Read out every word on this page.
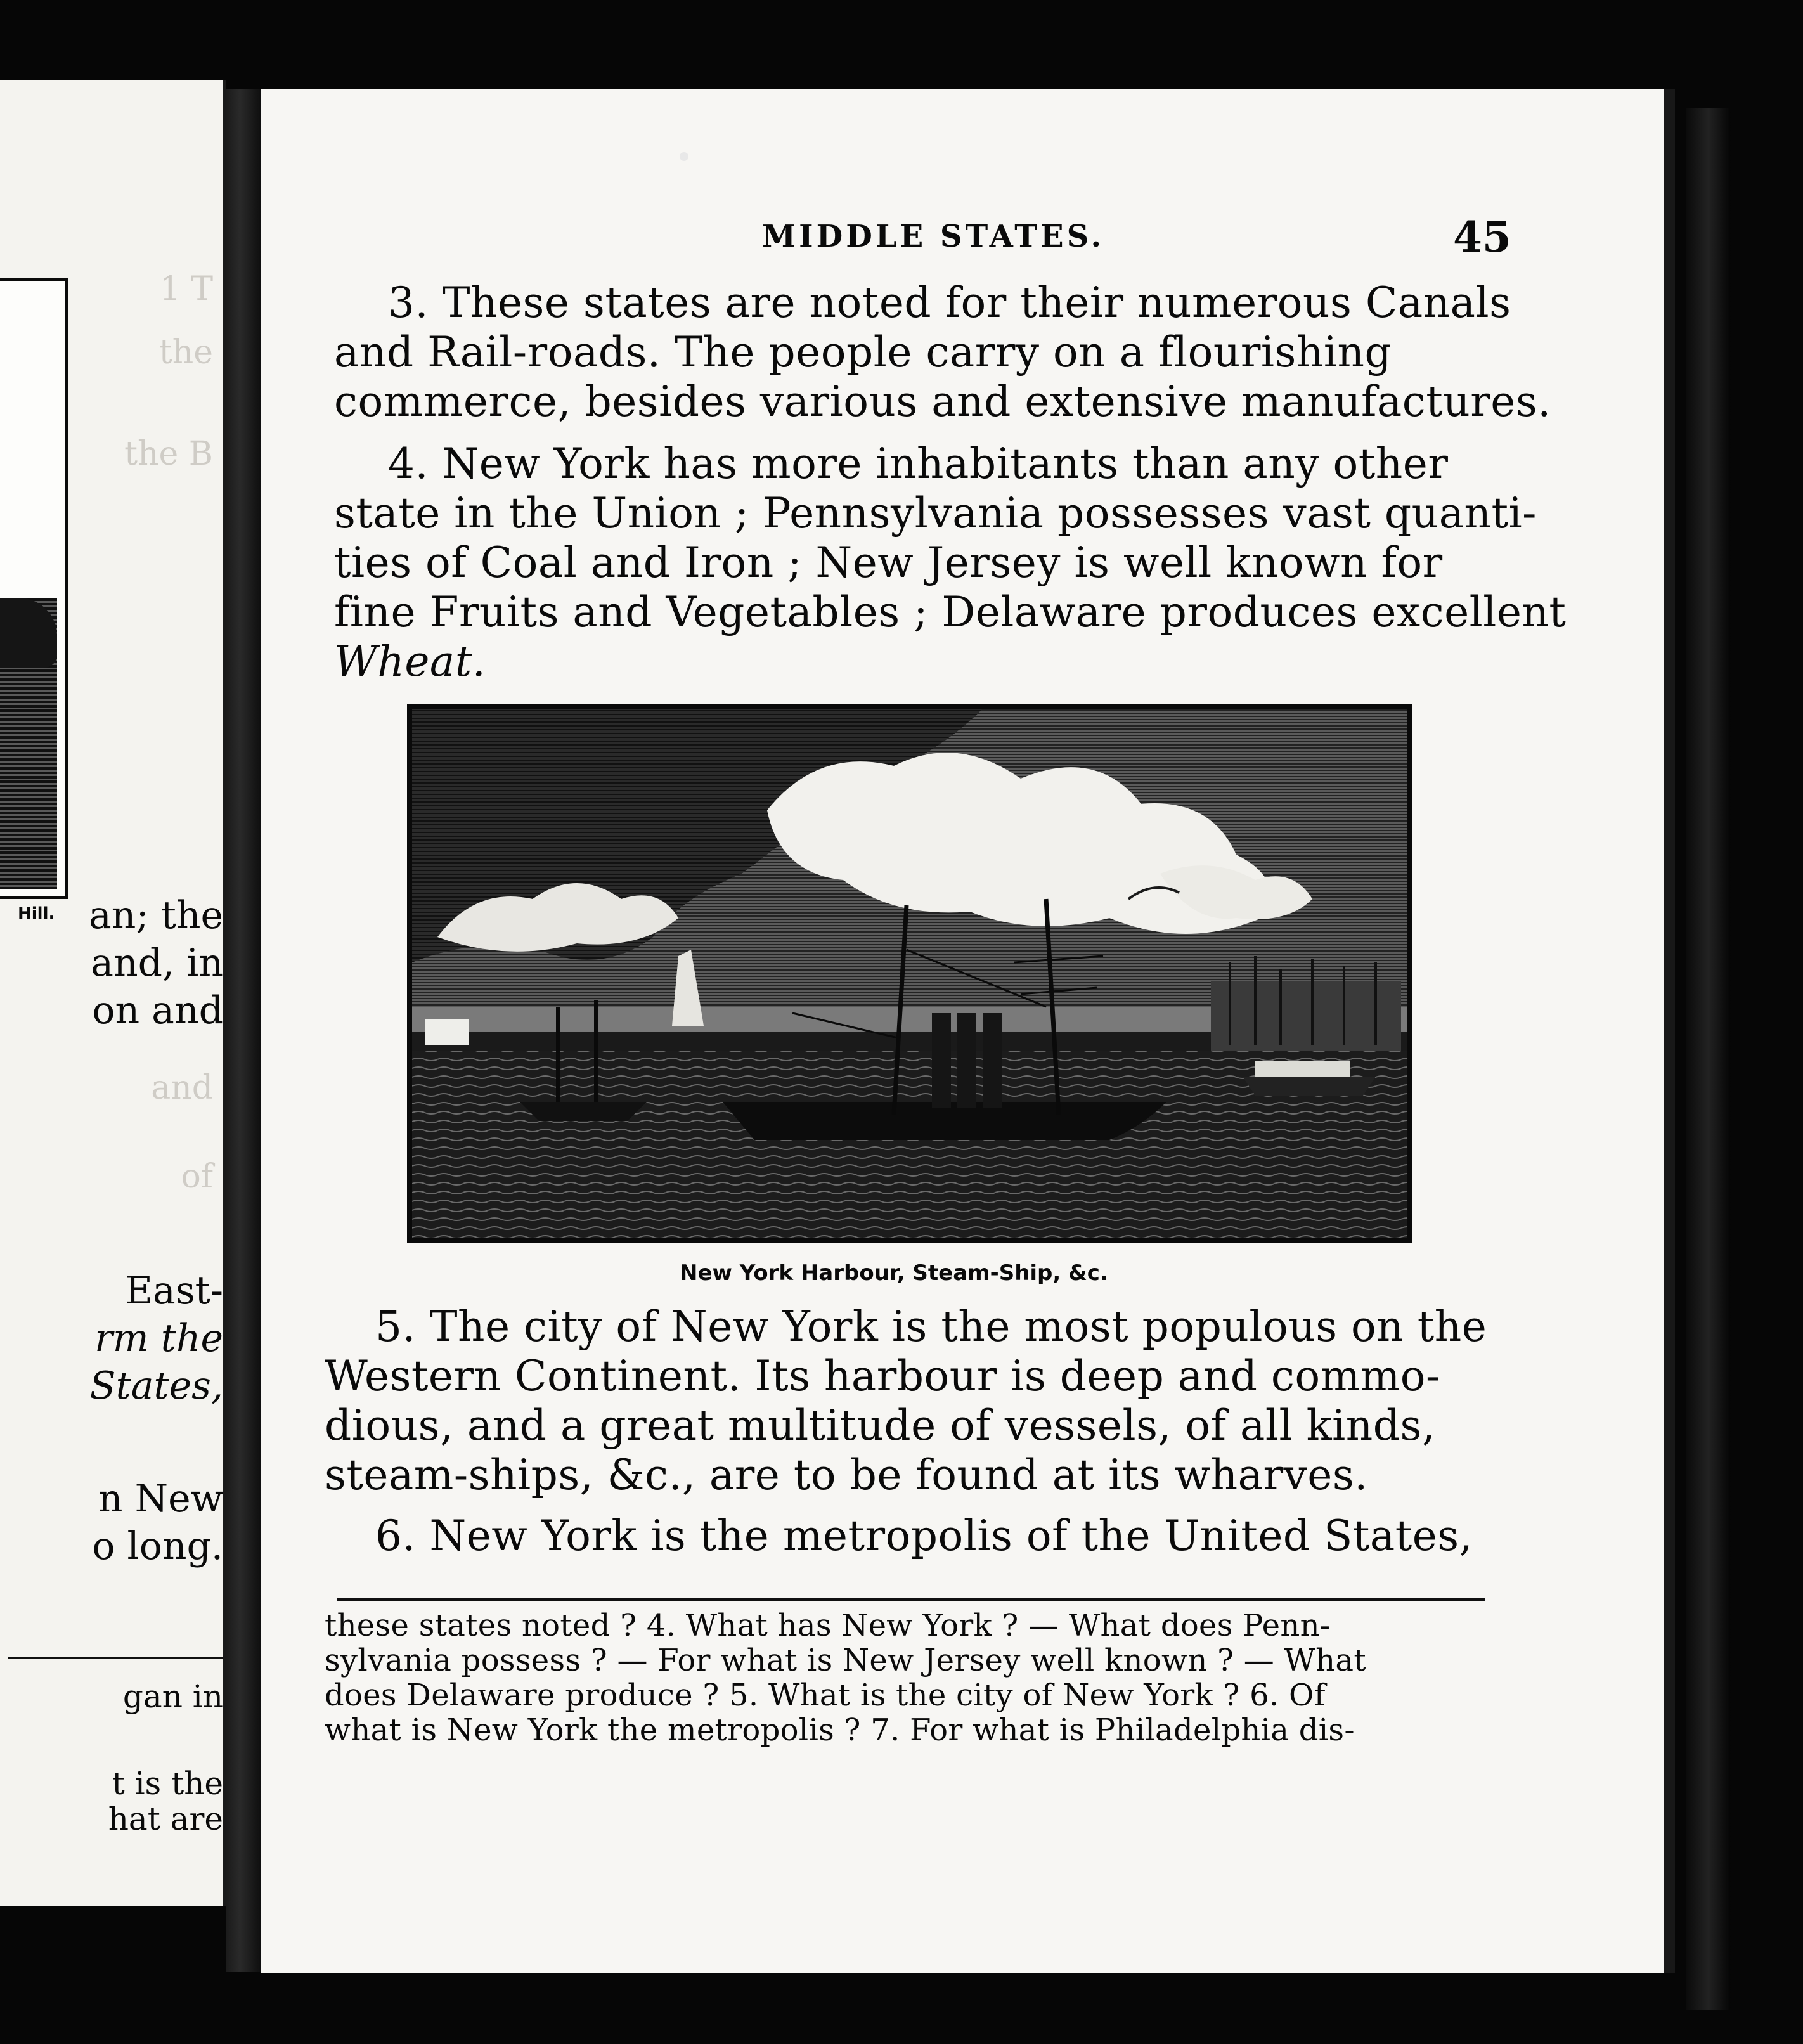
1 T
the
the B
and
of
Hill. an; the
and, in
on and
East-
rm the
States,
n New
o long.
gan in
t is the
hat are
MIDDLE STATES.	45
3. These states are noted for their numerous Canals
and Rail-roads. The people carry on a flourishing
commerce, besides various and extensive manufactures.
4. New York has more inhabitants than any other
state in the Union ; Pennsylvania possesses vast quanti-
ties of Coal and Iron ; New Jersey is well known for
fine Fruits and Vegetables ; Delaware produces excellent
Wheat.
New York Harbour, Steam-Ship, &c.
5. The city of New York is the most populous on the
Western Continent. Its harbour is deep and commo-
dious, and a great multitude of vessels, of all kinds,
steam-ships, &c., are to be found at its wharves.
6. New York is the metropolis of the United States,
these states noted ? 4. What has New York ? — What does Penn-
sylvania possess ? — For what is New Jersey well known ? — What
does Delaware produce ? 5. What is the city of New York ? 6. Of
what is New York the metropolis ? 7. For what is Philadelphia dis-
